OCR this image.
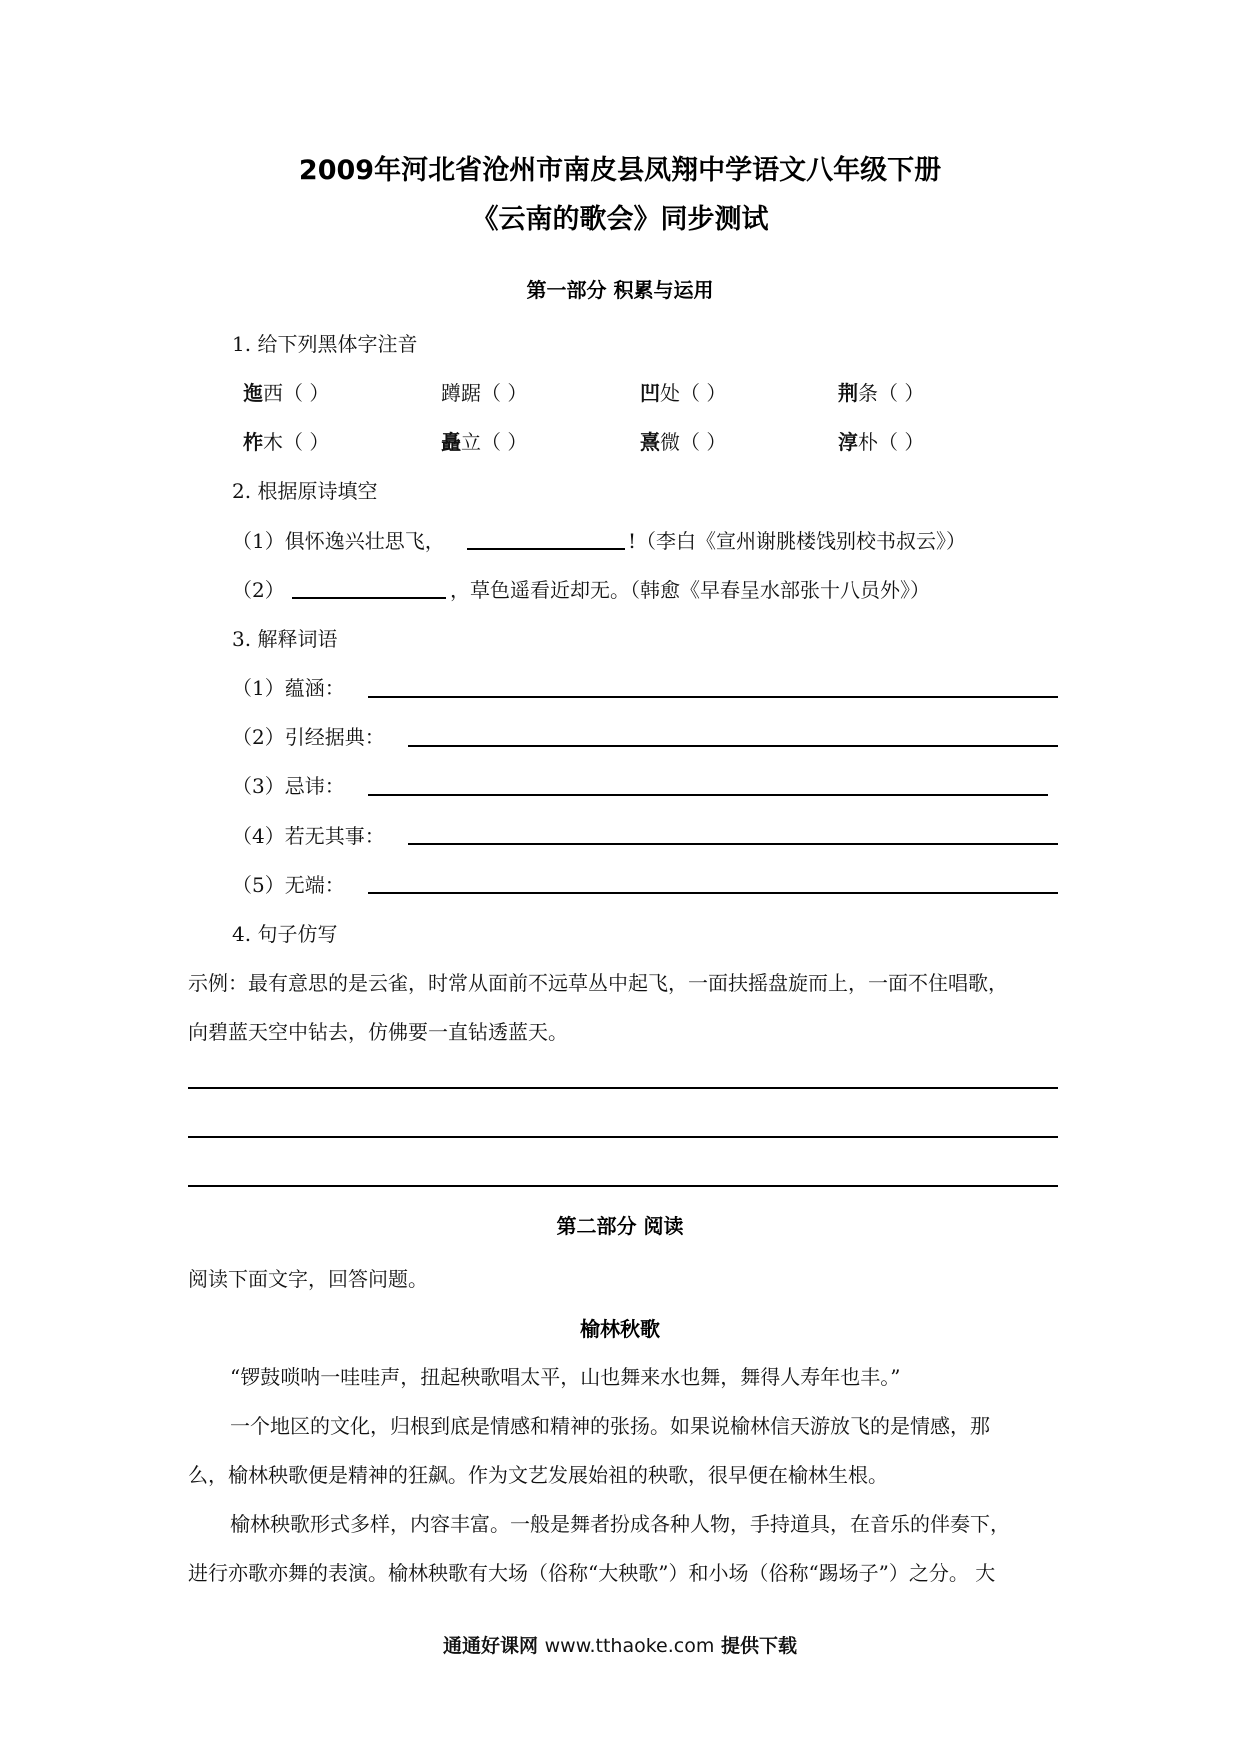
2009年河北省沧州市南皮县凤翔中学语文八年级下册
《云南的歌会》同步测试
第一部分 积累与运用
1. 给下列黑体字注音
迤西（ ）	蹲踞（ ）	凹处（ ）	荆条（ ）
柞木（ ）	矗立（ ）	熹微（ ）	淳朴（ ）
2. 根据原诗填空
（1）俱怀逸兴壮思飞，	!（李白《宣州谢朓楼饯别校书叔云》）
（2）	，草色遥看近却无。（韩愈《早春呈水部张十八员外》）
3. 解释词语
（1）蕴涵：
（2）引经据典：
（3）忌讳：
（4）若无其事：
（5）无端：
4. 句子仿写
示例：最有意思的是云雀，时常从面前不远草丛中起飞，一面扶摇盘旋而上，一面不住唱歌，
向碧蓝天空中钻去，仿佛要一直钻透蓝天。
第二部分 阅读
阅读下面文字，回答问题。
榆林秋歌
“锣鼓唢呐一哇哇声，扭起秧歌唱太平，山也舞来水也舞，舞得人寿年也丰。”
一个地区的文化，归根到底是情感和精神的张扬。如果说榆林信天游放飞的是情感，那
么，榆林秧歌便是精神的狂飙。作为文艺发展始祖的秧歌，很早便在榆林生根。
榆林秧歌形式多样，内容丰富。一般是舞者扮成各种人物，手持道具，在音乐的伴奏下，
进行亦歌亦舞的表演。榆林秧歌有大场（俗称“大秧歌”）和小场（俗称“踢场子”）之分。 大
通通好课网 www.tthaoke.com 提供下载
